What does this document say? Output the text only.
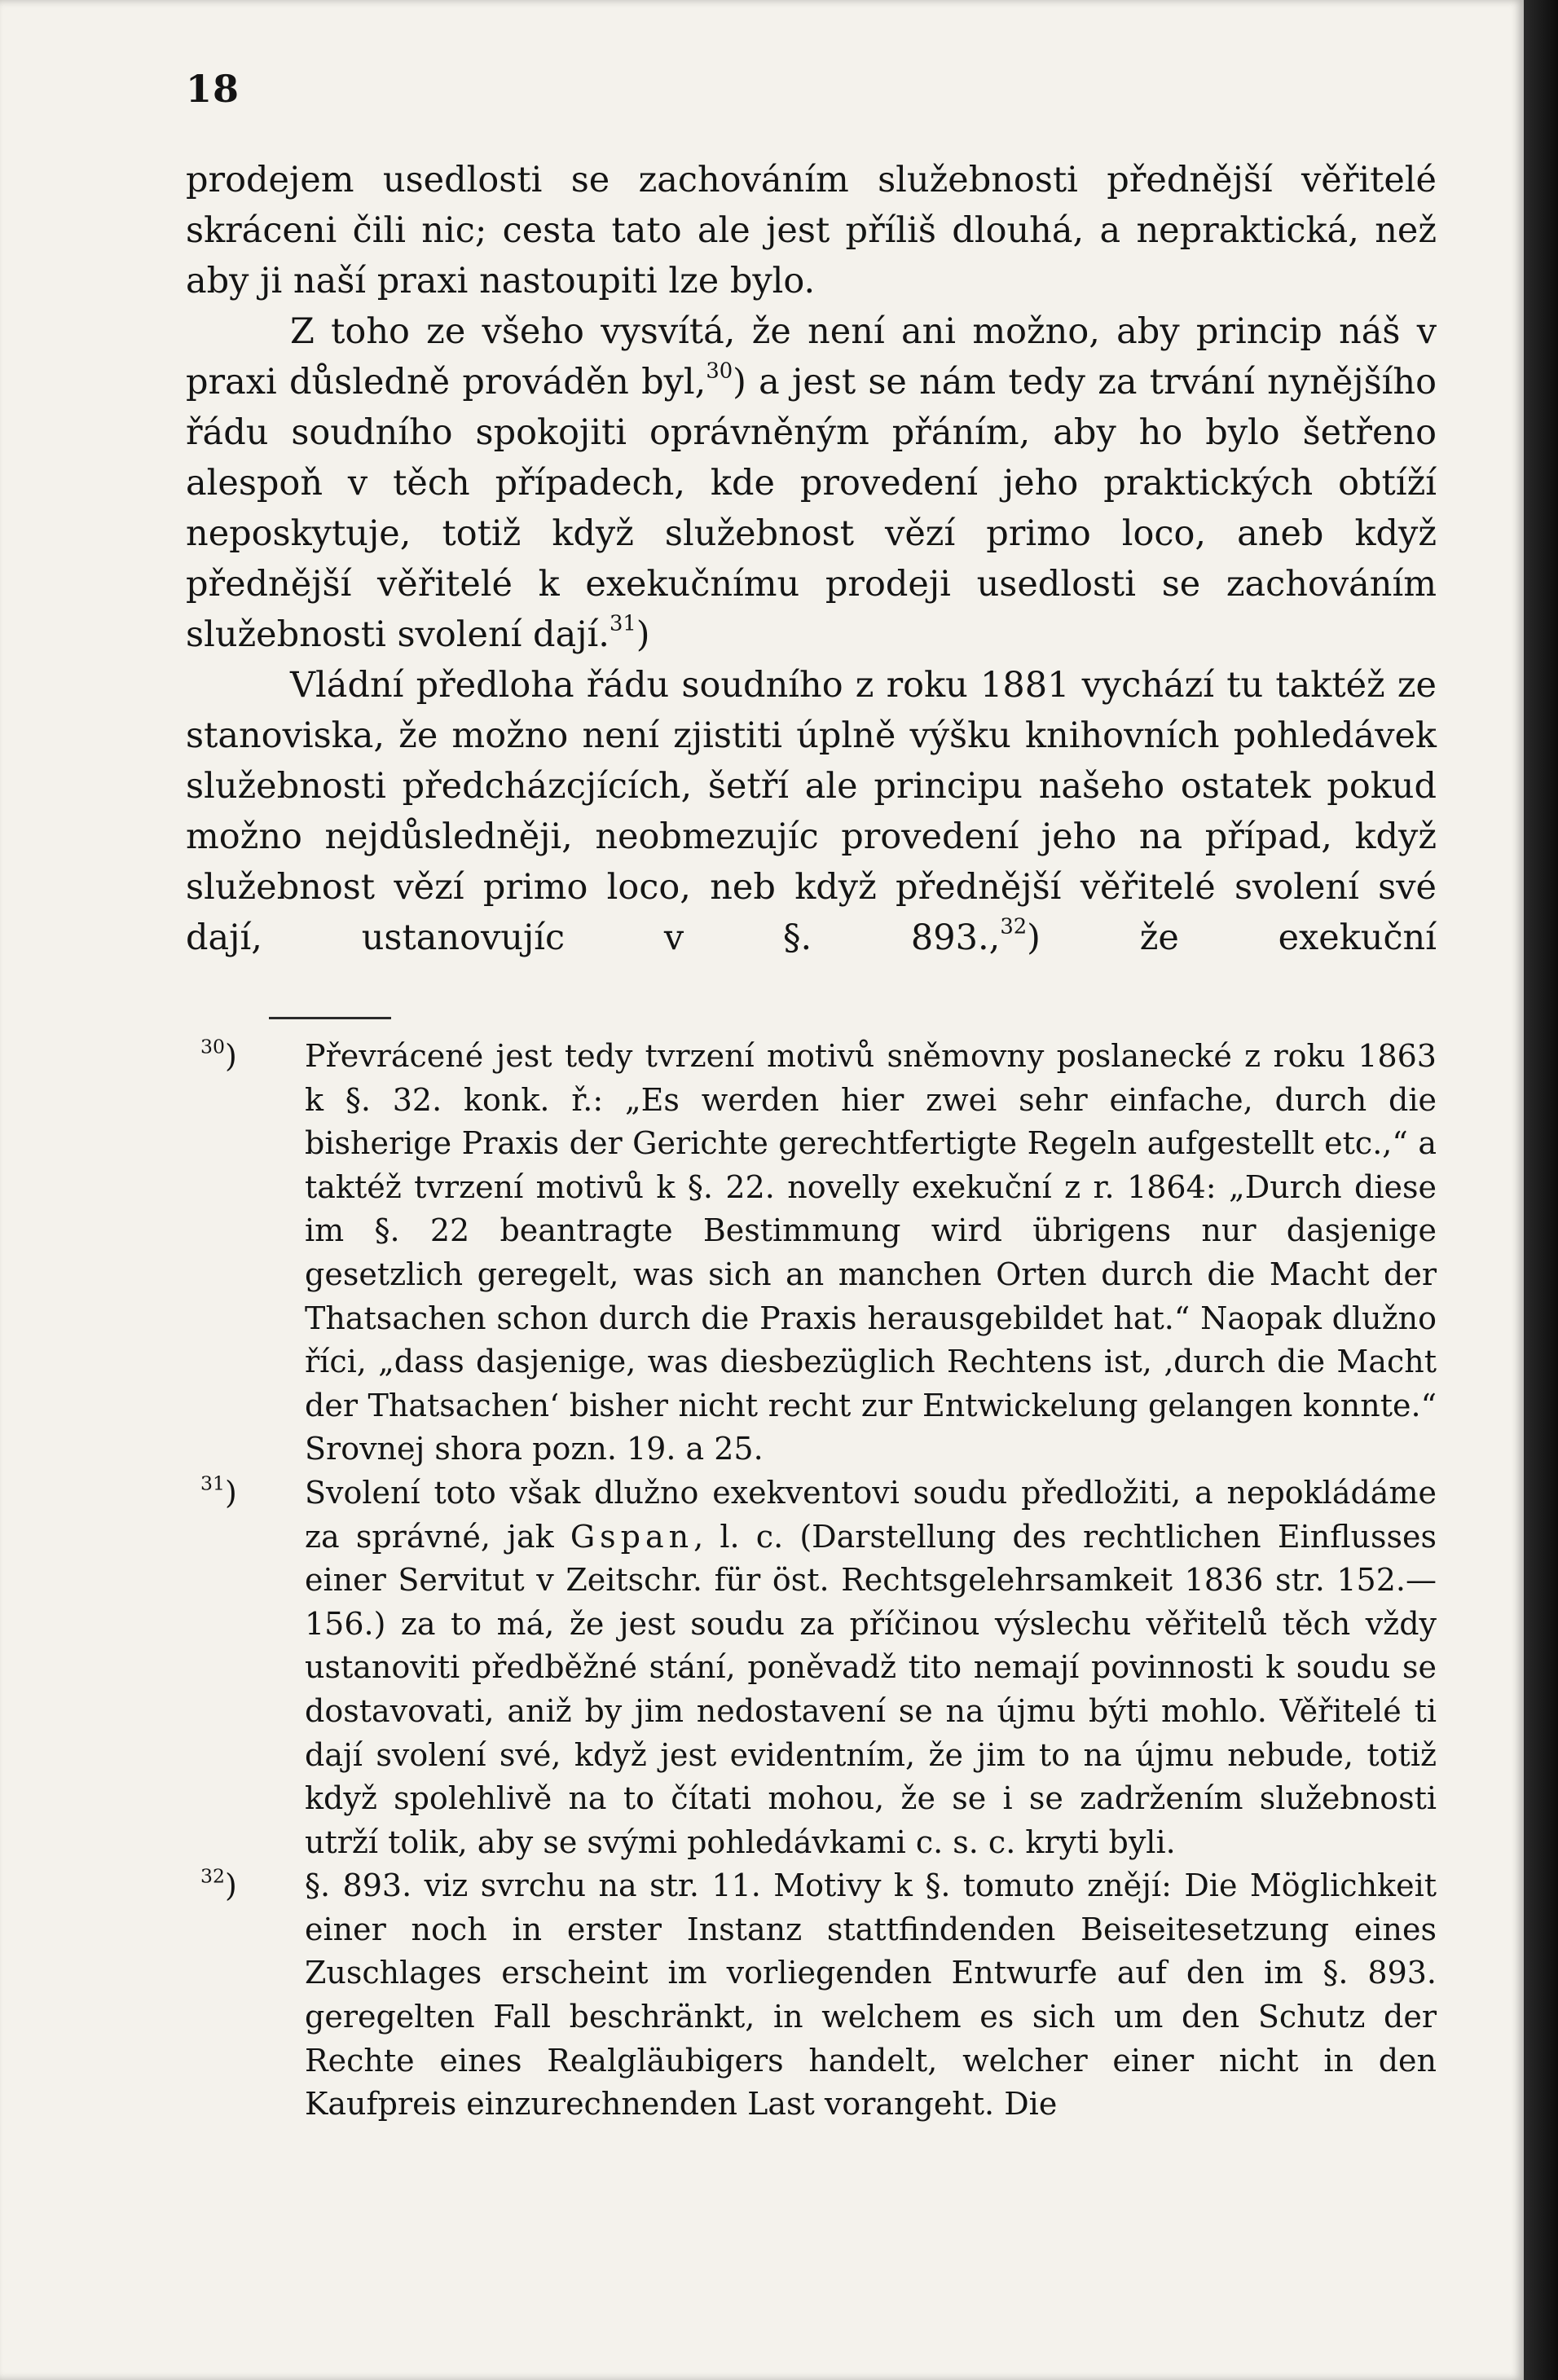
18

prodejem usedlosti se zachováním služebnosti přednější věřitelé skráceni čili nic; cesta tato ale jest příliš dlouhá, a nepraktická, než aby ji naší praxi nastoupiti lze bylo.

Z toho ze všeho vysvítá, že není ani možno, aby princip náš v praxi důsledně prováděn byl,$^{30}$) a jest se nám tedy za trvání nynějšího řádu soudního spokojiti oprávněným přáním, aby ho bylo šetřeno alespoň v těch případech, kde provedení jeho praktických obtíží neposkytuje, totiž když služebnost vězí primo loco, aneb když přednější věřitelé k exekučnímu prodeji usedlosti se zachováním služebnosti svolení dají.$^{31}$)

Vládní předloha řádu soudního z roku 1881 vychází tu taktéž ze stanoviska, že možno není zjistiti úplně výšku knihovních pohledávek služebnosti předcházcjících, šetří ale principu našeho ostatek pokud možno nejdůsledněji, neobmezujíc provedení jeho na případ, když služebnost vězí primo loco, neb když přednější věřitelé svolení své dají, ustanovujíc v §. 893.,$^{32}$) že exekuční

$^{30}$) Převrácené jest tedy tvrzení motivů sněmovny poslanecké z roku 1863 k §. 32. konk. ř.: „Es werden hier zwei sehr einfache, durch die bisherige Praxis der Gerichte gerechtfertigte Regeln aufgestellt etc.,“ a taktéž tvrzení motivů k §. 22. novelly exekuční z r. 1864: „Durch diese im §. 22 beantragte Bestimmung wird übrigens nur dasjenige gesetzlich geregelt, was sich an manchen Orten durch die Macht der Thatsachen schon durch die Praxis herausgebildet hat.“ Naopak dlužno říci, „dass dasjenige, was diesbezüglich Rechtens ist, ‚durch die Macht der Thatsachen‘ bisher nicht recht zur Entwickelung gelangen konnte.“ Srovnej shora pozn. 19. a 25.
$^{31}$) Svolení toto však dlužno exekventovi soudu předložiti, a nepokládáme za správné, jak Gspan, l. c. (Darstellung des rechtlichen Einflusses einer Servitut v Zeitschr. für öst. Rechtsgelehrsamkeit 1836 str. 152.—156.) za to má, že jest soudu za příčinou výslechu věřitelů těch vždy ustanoviti předběžné stání, poněvadž tito nemají povinnosti k soudu se dostavovati, aniž by jim nedostavení se na újmu býti mohlo. Věřitelé ti dají svolení své, když jest evidentním, že jim to na újmu nebude, totiž když spolehlivě na to čítati mohou, že se i se zadržením služebnosti utrží tolik, aby se svými pohledávkami c. s. c. kryti byli.
$^{32}$) §. 893. viz svrchu na str. 11. Motivy k §. tomuto znějí: Die Möglichkeit einer noch in erster Instanz stattfindenden Beiseitesetzung eines Zuschlages erscheint im vorliegenden Entwurfe auf den im §. 893. geregelten Fall beschränkt, in welchem es sich um den Schutz der Rechte eines Realgläubigers handelt, welcher einer nicht in den Kaufpreis einzurechnenden Last vorangeht. Die
